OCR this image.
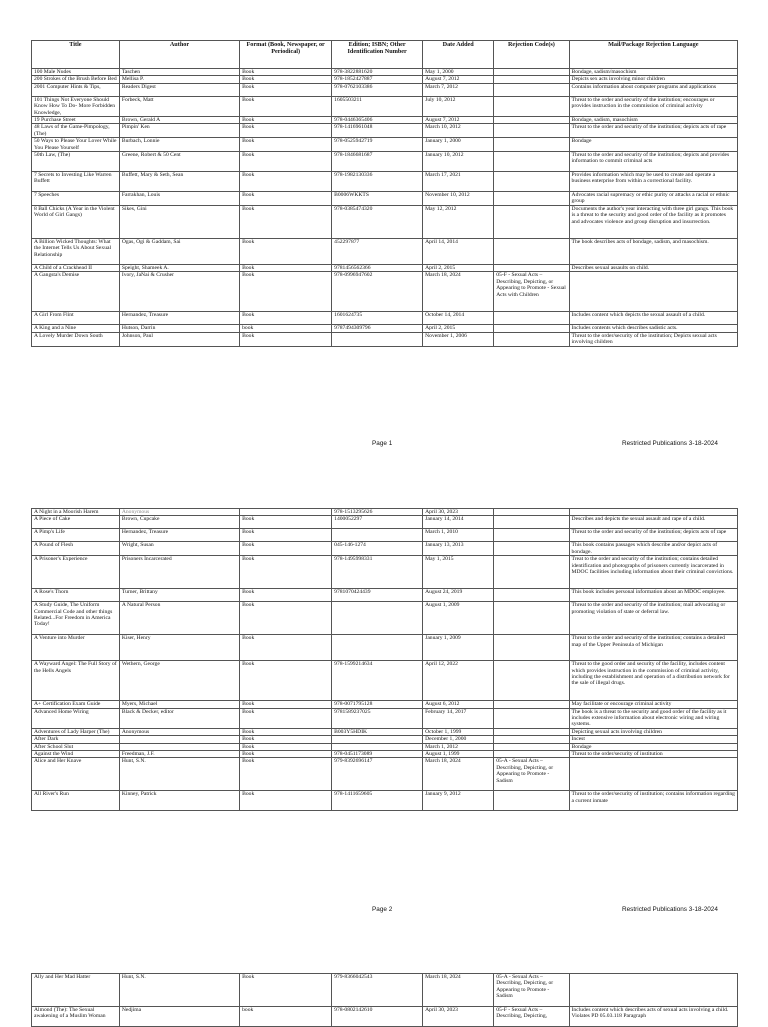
Title	Author	Format (Book, Newspaper, or Periodical)	Edition; ISBN; Other Identification Number	Date Added	Rejection Code(s)	Mail/Package Rejection Language
100 Male Nudes	Taschen	Book	978-3822881620	May 1, 2000		Bondage, sadism/masochism
200 Strokes of the Brush Before Bed	Mellisa P.	Book	978-1852427887	August 7, 2012		Depicts sex acts involving minor children
2001 Computer Hints & Tips,	Readers Digest	Book	978-0762103386	March 7, 2012		Contains information about computer programs and applications
101 Things Not Everyone Should Know How To Do- More Forbidden Knowledge,	Forbeck, Matt	Book	1605503211	July 10, 2012		Threat to the order and security of the institution; encourages or provides instruction in the commission of criminal activity
19 Purchase Street	Brown, Gerald A	Book	978-0446365406	August 7, 2012		Bondage, sadism, masochism
48 Laws of the Game-Pimpology, (The)	Pimpin' Ken	Book	978-1416961048	March 10, 2012		Threat to the order and security of the institution; depicts acts of rape
50 Ways to Please Your Lover While You Please Yourself	Burbach, Lonnie	Book	978-0525942719	January 1, 2000		Bondage
50th Law, (The)	Greene, Robert & 50 Cent	Book	978-1846681687	January 10, 2012		Threat to the order and security of the institution; depicts and provides information to commit criminal acts
7 Secrets to Investing Like Warren Buffett	Buffett, Mary & Seth, Sean	Book	978-1982130336	March 17, 2021		Provides information which may be used to create and operate a business enterprise from within a correctional facility.
7 Speeches	Farrakhan, Louis	Book	B0006WKKTS	November 10, 2012		Advocates racial supremacy or ethic purity or attacks a racial or ethnic group
8 Ball Chicks (A Year in the Violent World of Girl Gangs)	Sikes, Gini	Book	978-0385474320	May 12, 2012		Documents the author's year interacting with three girl gangs. This book is a threat to the security and good order of the facility as it promotes and advocates violence and group disruption and insurrection.
A Billion Wicked Thoughts: What the Internet Tells Us About Sexual Relationship	Ogas, Ogi & Gaddam, Sai	Book	452297877	April 14, 2014		The book describes acts of bondage, sadism, and masochism.
A Child of a Crackhead II	Speight, Shameek A.	Book	9781456562366	April 2, 2015		Describes sexual assaults on child.
A Gangsta's Demise	Ivory, JaNai & Crusher	Book	978-0996947602	March 18, 2024	05-F - Sexual Acts – Describing, Depicting, or Appearing to Promote - Sexual Acts with Children	
A Girl From Flint	Hernandez, Treasure	Book	1601624735	October 14, 2014		Includes content which depicts the sexual assault of a child.
A King and a Nine	Hutson, Darrin	book	9787494309796	April 2, 2015		Includes contents which describes sadistic acts.
A Lovely Murder Down South	Johnson, Paul	Book		November 1, 2006		Threat to the order/security of the institution; Depicts sexual acts involving children
Page 1	Restricted Publications 3-18-2024
A Night in a Moorish Harem	Anonymous		978-1513295626	April 30, 2023		
A Piece of Cake	Brown, Cupcake	Book	1400052297	January 14, 2014		Describes and depicts the sexual assault and rape of a child.
A Pimp's Life	Hernandez, Treasure	Book		March 1, 2010		Threat to the order and security of the institution; depicts acts of rape
A Pound of Flesh	Wright, Susan	Book	045-146-1274	January 13, 2013		This book contains passages which describe and/or depict acts of bondage.
A Prisoner's Experience	Prisoners Incarcerated	Book	978-1495998331	May 1, 2015		Treat to the order and security of the institution; contains detailed identification and photographs of prisoners currently incarcerated in MDOC facilities including information about their criminal convictions.
A Rose's Thorn	Turner, Brittany	Book	9781070424439	August 24, 2019		This book includes personal information about an MDOC employee.
A Study Guide, The Uniform Commercial Code and other things Related...For Freedom in America Today!	A Natural Person	Book		August 1, 2009		Threat to the order and security of the institution; mail advocating or promoting violation of state or deferral law.
A Venture into Murder	Kiser, Henry	Book		January 1, 2009		Threat to the order and security of the institution; contains a detailed map of the Upper Peninsula of Michigan
A Wayward Angel: The Full Story of the Hells Angels	Wethern, George	Book	978-1599214634	April 12, 2022		Threat to the good order and security of the facility, includes content which provides instruction in the commission of criminal activity, including the establishment and operation of a distribution network for the sale of illegal drugs.
A+ Certification Exam Guide	Myers, Michael	Book	978-0071795128	August 6, 2012		May facilitate or encourage criminal activity
Advanced Home Wiring	Black & Decker, editor	Book	9781589237025	February 14, 2017		The book is a threat to the security and good order of the facility as it includes extensive information about electronic wiring and wiring systems.
Adventures of Lady Harper (The)	Anonymous	Book	B003Y5HDIK	October 1, 1999		Depicting sexual acts involving children
After Dark		Book		December 1, 2000		Incest
After School Slut		Book		March 1, 2012		Bondage
Against the Wind	Freedman, J.F.	Book	978-0451173089	August 1, 1999		Threat to the order/security of institution
Alice and Her Knave	Hunt, S.N.	Book	979-8392696147	March 18, 2024	05-A - Sexual Acts – Describing, Depicting, or Appearing to Promote - Sadism	
All River's Run	Kinney, Patrick	Book	978-1411659605	January 9, 2012		Threat to the order/security of institution; contains information regarding a current inmate
Page 2	Restricted Publications 3-18-2024
Ally and Her Mad Hatter	Hunt, S.N.	Book	979-8366042543	March 18, 2024	05-A - Sexual Acts – Describing, Depicting, or Appearing to Promote - Sadism	
Almond (The): The Sexual awakening of a Muslim Woman	Nedjima	book	978-0802142610	April 30, 2023	05-F - Sexual Acts – Describing, Depicting,	Includes content which describes acts of sexual acts involving a child. Violates PD 05.03.118 Paragraph
